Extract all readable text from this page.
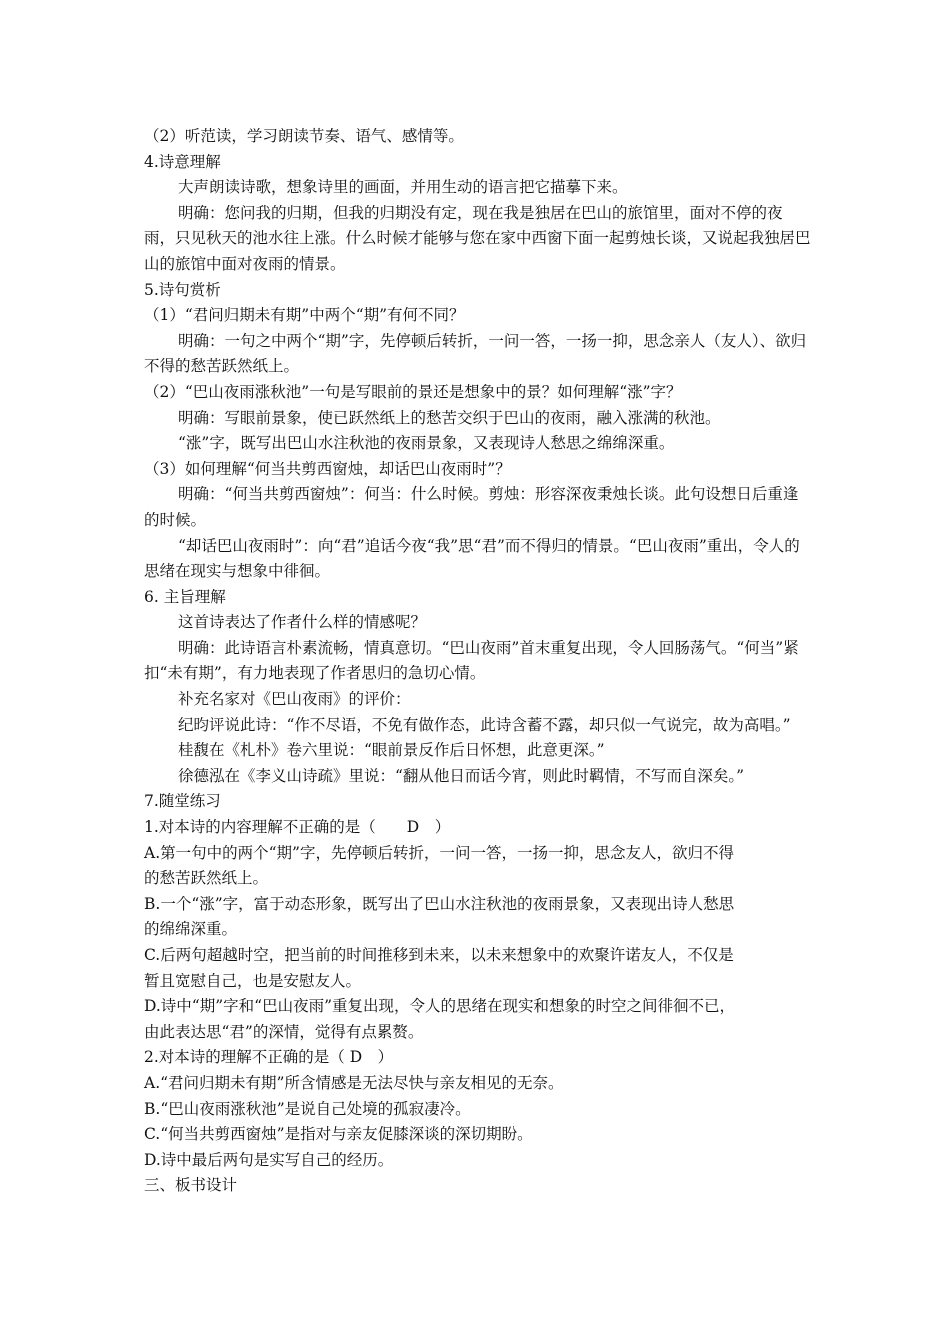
（2）听范读，学习朗读节奏、语气、感情等。

4.诗意理解

大声朗读诗歌，想象诗里的画面，并用生动的语言把它描摹下来。

明确：您问我的归期，但我的归期没有定，现在我是独居在巴山的旅馆里，面对不停的夜雨，只见秋天的池水往上涨。什么时候才能够与您在家中西窗下面一起剪烛长谈，又说起我独居巴山的旅馆中面对夜雨的情景。

5.诗句赏析

（1）“君问归期未有期”中两个“期”有何不同？

明确：一句之中两个“期”字，先停顿后转折，一问一答，一扬一抑，思念亲人（友人）、欲归不得的愁苦跃然纸上。

（2）“巴山夜雨涨秋池”一句是写眼前的景还是想象中的景？如何理解“涨”字？

明确：写眼前景象，使已跃然纸上的愁苦交织于巴山的夜雨，融入涨满的秋池。

“涨”字，既写出巴山水注秋池的夜雨景象，又表现诗人愁思之绵绵深重。

（3）如何理解“何当共剪西窗烛，却话巴山夜雨时”？

明确：“何当共剪西窗烛”：何当：什么时候。剪烛：形容深夜秉烛长谈。此句设想日后重逢的时候。

“却话巴山夜雨时”：向“君”追话今夜“我”思“君”而不得归的情景。“巴山夜雨”重出，令人的思绪在现实与想象中徘徊。

6. 主旨理解

这首诗表达了作者什么样的情感呢？

明确：此诗语言朴素流畅，情真意切。“巴山夜雨”首末重复出现，令人回肠荡气。“何当”紧扣“未有期”，有力地表现了作者思归的急切心情。

补充名家对《巴山夜雨》的评价：

纪昀评说此诗：“作不尽语，不免有做作态，此诗含蓄不露，却只似一气说完，故为高唱。”

桂馥在《札朴》卷六里说：“眼前景反作后日怀想，此意更深。”

徐德泓在《李义山诗疏》里说：“翻从他日而话今宵，则此时羁情，不写而自深矣。”

7.随堂练习

1.对本诗的内容理解不正确的是（　　D　）

A.第一句中的两个“期”字，先停顿后转折，一问一答，一扬一抑，思念友人，欲归不得
的愁苦跃然纸上。

B.一个“涨”字，富于动态形象，既写出了巴山水注秋池的夜雨景象，又表现出诗人愁思
的绵绵深重。

C.后两句超越时空，把当前的时间推移到未来，以未来想象中的欢聚许诺友人，不仅是
暂且宽慰自己，也是安慰友人。

D.诗中“期”字和“巴山夜雨”重复出现，令人的思绪在现实和想象的时空之间徘徊不已，
由此表达思“君”的深情，觉得有点累赘。

2.对本诗的理解不正确的是（ D　）

A.“君问归期未有期”所含情感是无法尽快与亲友相见的无奈。

B.“巴山夜雨涨秋池”是说自己处境的孤寂凄冷。

C.“何当共剪西窗烛”是指对与亲友促膝深谈的深切期盼。

D.诗中最后两句是实写自己的经历。

三、板书设计
